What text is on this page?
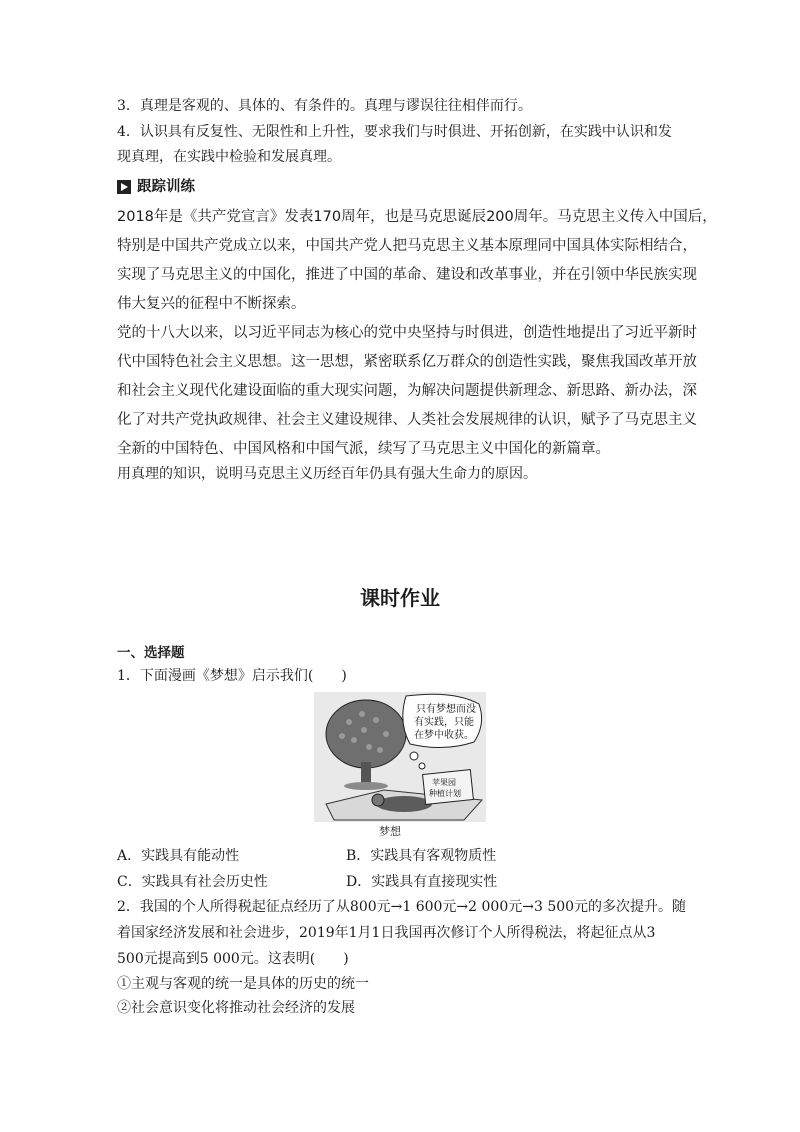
3．真理是客观的、具体的、有条件的。真理与谬误往往相伴而行。
4．认识具有反复性、无限性和上升性，要求我们与时俱进、开拓创新，在实践中认识和发
现真理，在实践中检验和发展真理。
跟踪训练
2018年是《共产党宣言》发表170周年，也是马克思诞辰200周年。马克思主义传入中国后，
特别是中国共产党成立以来，中国共产党人把马克思主义基本原理同中国具体实际相结合，
实现了马克思主义的中国化，推进了中国的革命、建设和改革事业，并在引领中华民族实现
伟大复兴的征程中不断探索。
党的十八大以来，以习近平同志为核心的党中央坚持与时俱进，创造性地提出了习近平新时
代中国特色社会主义思想。这一思想，紧密联系亿万群众的创造性实践，聚焦我国改革开放
和社会主义现代化建设面临的重大现实问题，为解决问题提供新理念、新思路、新办法，深
化了对共产党执政规律、社会主义建设规律、人类社会发展规律的认识，赋予了马克思主义
全新的中国特色、中国风格和中国气派，续写了马克思主义中国化的新篇章。
用真理的知识，说明马克思主义历经百年仍具有强大生命力的原因。
课时作业
一、选择题
1．下面漫画《梦想》启示我们(　　)
只有梦想而没
有实践，只能
在梦中收获。
苹果园
种植计划
梦想
A．实践具有能动性	B．实践具有客观物质性
C．实践具有社会历史性	D．实践具有直接现实性
2．我国的个人所得税起征点经历了从800元→1 600元→2 000元→3 500元的多次提升。随
着国家经济发展和社会进步，2019年1月1日我国再次修订个人所得税法，将起征点从3
500元提高到5 000元。这表明(　　)
①主观与客观的统一是具体的历史的统一
②社会意识变化将推动社会经济的发展
